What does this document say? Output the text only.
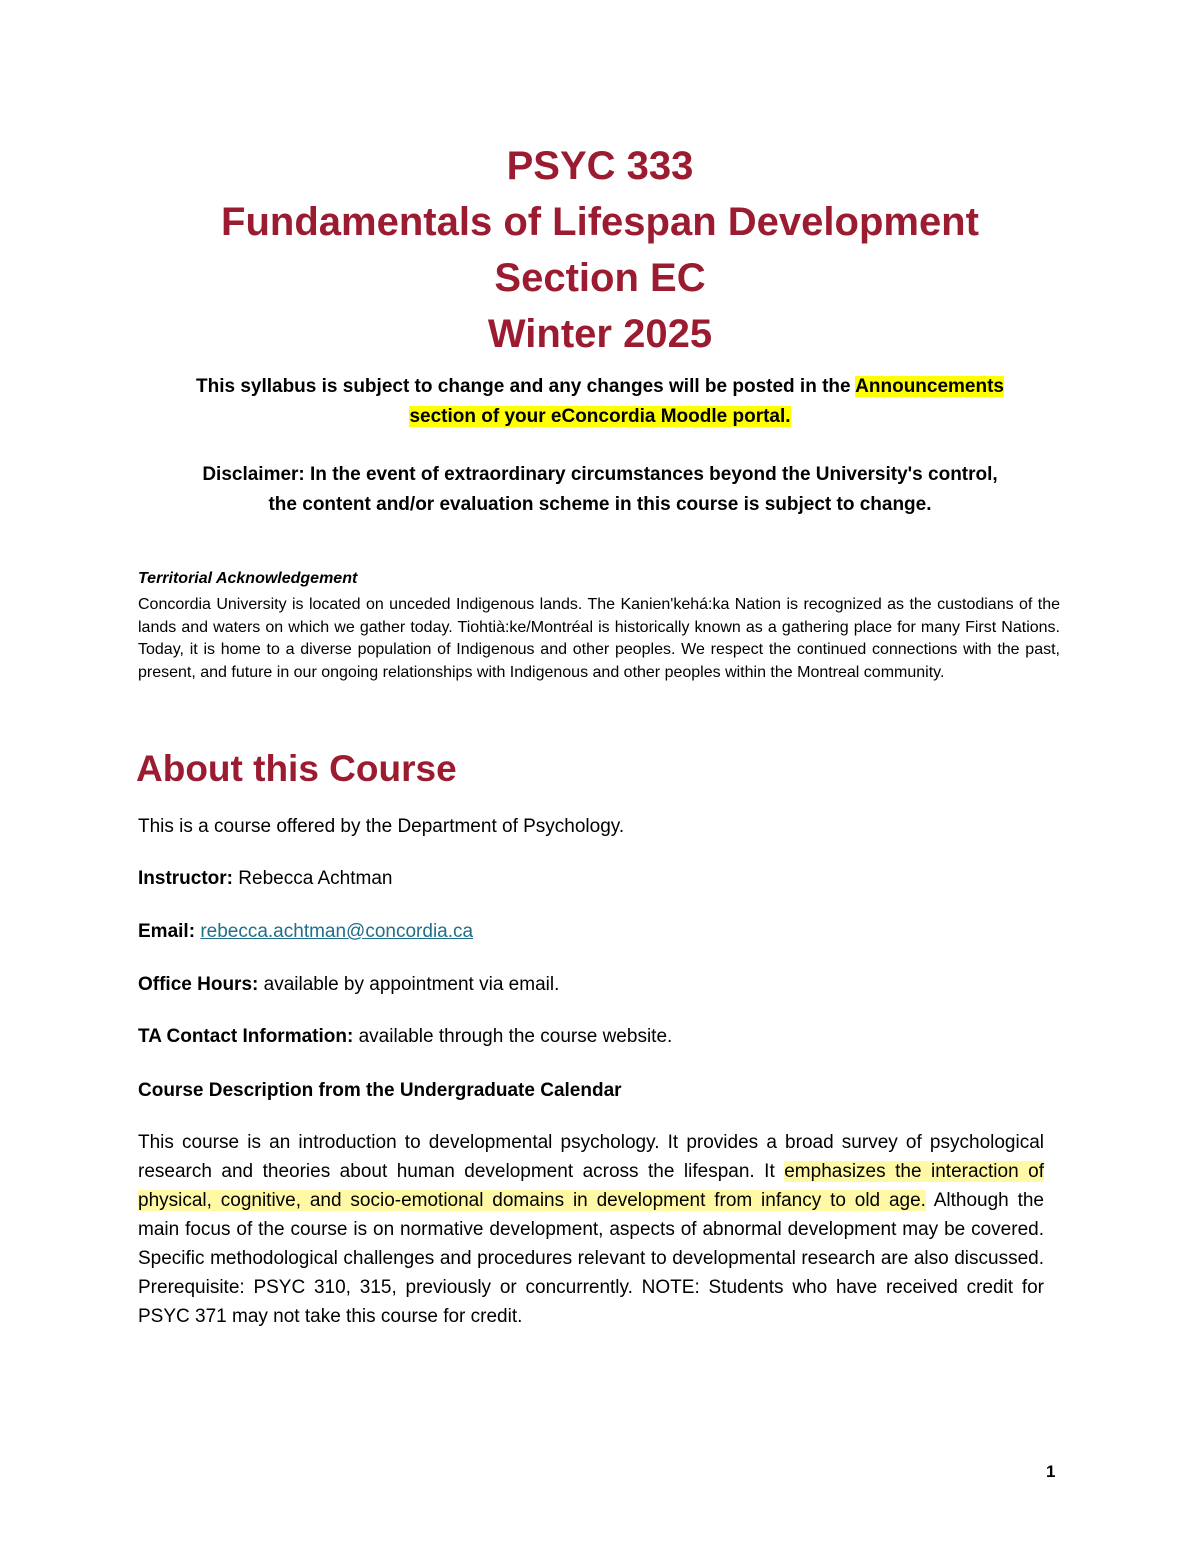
PSYC 333
Fundamentals of Lifespan Development
Section EC
Winter 2025
This syllabus is subject to change and any changes will be posted in the Announcements
section of your eConcordia Moodle portal.
Disclaimer: In the event of extraordinary circumstances beyond the University's control,
the content and/or evaluation scheme in this course is subject to change.
Territorial Acknowledgement
Concordia University is located on unceded Indigenous lands. The Kanien'kehá:ka Nation is recognized as the custodians of the lands and waters on which we gather today. Tiohtià:ke/Montréal is historically known as a gathering place for many First Nations. Today, it is home to a diverse population of Indigenous and other peoples. We respect the continued connections with the past, present, and future in our ongoing relationships with Indigenous and other peoples within the Montreal community.
About this Course
This is a course offered by the Department of Psychology.
Instructor: Rebecca Achtman
Email: rebecca.achtman@concordia.ca
Office Hours: available by appointment via email.
TA Contact Information: available through the course website.
Course Description from the Undergraduate Calendar
This course is an introduction to developmental psychology. It provides a broad survey of psychological research and theories about human development across the lifespan. It emphasizes the interaction of physical, cognitive, and socio-emotional domains in development from infancy to old age. Although the main focus of the course is on normative development, aspects of abnormal development may be covered. Specific methodological challenges and procedures relevant to developmental research are also discussed. Prerequisite: PSYC 310, 315, previously or concurrently. NOTE: Students who have received credit for PSYC 371 may not take this course for credit.
1
